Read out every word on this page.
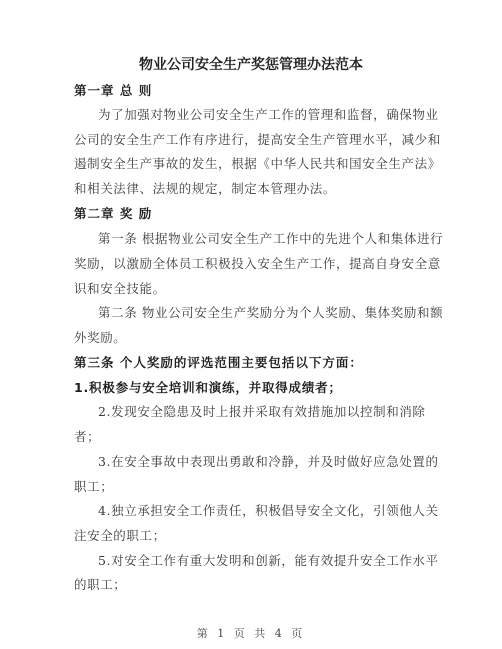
物业公司安全生产奖惩管理办法范本
第一章 总 则
为了加强对物业公司安全生产工作的管理和监督，确保物业
公司的安全生产工作有序进行，提高安全生产管理水平，减少和
遏制安全生产事故的发生，根据《中华人民共和国安全生产法》
和相关法律、法规的规定，制定本管理办法。
第二章 奖 励
第一条 根据物业公司安全生产工作中的先进个人和集体进行
奖励，以激励全体员工积极投入安全生产工作，提高自身安全意
识和安全技能。
第二条 物业公司安全生产奖励分为个人奖励、集体奖励和额
外奖励。
第三条 个人奖励的评选范围主要包括以下方面：
1.积极参与安全培训和演练，并取得成绩者；
2.发现安全隐患及时上报并采取有效措施加以控制和消除
者；
3.在安全事故中表现出勇敢和冷静，并及时做好应急处置的
职工；
4.独立承担安全工作责任，积极倡导安全文化，引领他人关
注安全的职工；
5.对安全工作有重大发明和创新，能有效提升安全工作水平
的职工；
第 1 页 共 4 页
